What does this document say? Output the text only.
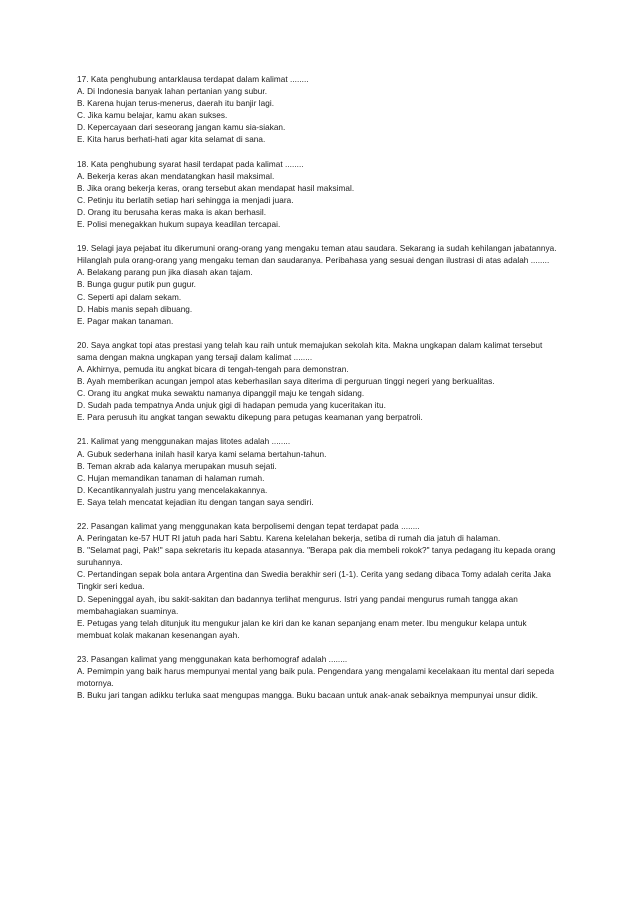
17. Kata penghubung antarklausa terdapat dalam kalimat ........

A. Di Indonesia banyak lahan pertanian yang subur.

B. Karena hujan terus-menerus, daerah itu banjir lagi.

C. Jika kamu belajar, kamu akan sukses.

D. Kepercayaan dari seseorang jangan kamu sia-siakan.

E. Kita harus berhati-hati agar kita selamat di sana.

18. Kata penghubung syarat hasil terdapat pada kalimat ........

A. Bekerja keras akan mendatangkan hasil maksimal.

B. Jika orang bekerja keras, orang tersebut akan mendapat hasil maksimal.

C. Petinju itu berlatih setiap hari sehingga ia menjadi juara.

D. Orang itu berusaha keras maka is akan berhasil.

E. Polisi menegakkan hukum supaya keadilan tercapai.

19. Selagi jaya pejabat itu dikerumuni orang-orang yang mengaku teman atau saudara. Sekarang ia sudah kehilangan jabatannya. Hilanglah pula orang-orang yang mengaku teman dan saudaranya. Peribahasa yang sesuai dengan ilustrasi di atas adalah ........

A. Belakang parang pun jika diasah akan tajam.

B. Bunga gugur putik pun gugur.

C. Seperti api dalam sekam.

D. Habis manis sepah dibuang.

E. Pagar makan tanaman.

20. Saya angkat topi atas prestasi yang telah kau raih untuk memajukan sekolah kita. Makna ungkapan dalam kalimat tersebut sama dengan makna ungkapan yang tersaji dalam kalimat ........

A. Akhirnya, pemuda itu angkat bicara di tengah-tengah para demonstran.

B. Ayah memberikan acungan jempol atas keberhasilan saya diterima di perguruan tinggi negeri yang berkualitas.

C. Orang itu angkat muka sewaktu namanya dipanggil maju ke tengah sidang.

D. Sudah pada tempatnya Anda unjuk gigi di hadapan pemuda yang kuceritakan itu.

E. Para perusuh itu angkat tangan sewaktu dikepung para petugas keamanan yang berpatroli.

21. Kalimat yang menggunakan majas litotes adalah ........

A. Gubuk sederhana inilah hasil karya kami selama bertahun-tahun.

B. Teman akrab ada kalanya merupakan musuh sejati.

C. Hujan memandikan tanaman di halaman rumah.

D. Kecantikannyalah justru yang mencelakakannya.

E. Saya telah mencatat kejadian itu dengan tangan saya sendiri.

22. Pasangan kalimat yang menggunakan kata berpolisemi dengan tepat terdapat pada ........

A. Peringatan ke-57 HUT RI jatuh pada hari Sabtu. Karena kelelahan bekerja, setiba di rumah dia jatuh di halaman.

B. "Selamat pagi, Pak!" sapa sekretaris itu kepada atasannya. "Berapa pak dia membeli rokok?" tanya pedagang itu kepada orang suruhannya.

C. Pertandingan sepak bola antara Argentina dan Swedia berakhir seri (1-1). Cerita yang sedang dibaca Tomy adalah cerita Jaka Tingkir seri kedua.

D. Sepeninggal ayah, ibu sakit-sakitan dan badannya terlihat mengurus. Istri yang pandai mengurus rumah tangga akan membahagiakan suaminya.

E. Petugas yang telah ditunjuk itu mengukur jalan ke kiri dan ke kanan sepanjang enam meter. Ibu mengukur kelapa untuk membuat kolak makanan kesenangan ayah.

23. Pasangan kalimat yang menggunakan kata berhomograf adalah ........

A. Pemimpin yang baik harus mempunyai mental yang baik pula. Pengendara yang mengalami kecelakaan itu mental dari sepeda motornya.

B. Buku jari tangan adikku terluka saat mengupas mangga. Buku bacaan untuk anak-anak sebaiknya mempunyai unsur didik.
